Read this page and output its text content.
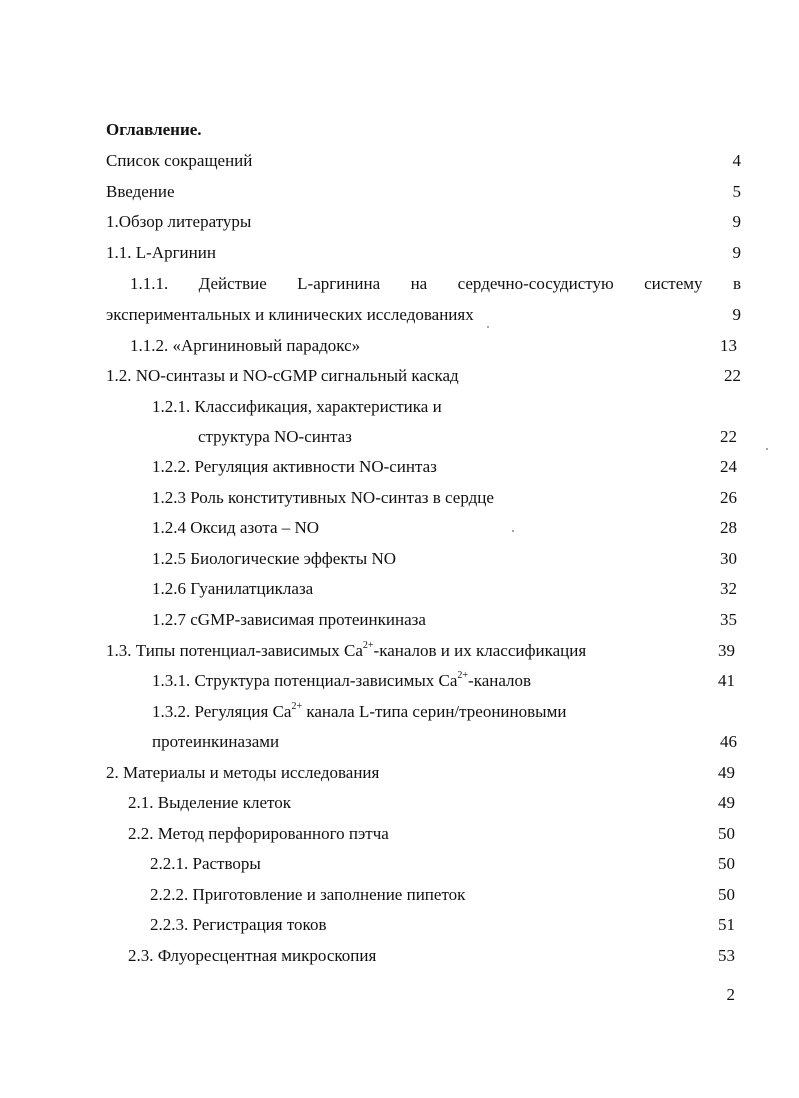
Оглавление.
Список сокращений	4
Введение	5
1.Обзор литературы	9
1.1. L-Аргинин	9
1.1.1. Действие L-аргинина на сердечно-сосудистую системy в
экспериментальных и клинических исследованиях	9
1.1.2. «Аргининовый парадокс»	13
1.2. NO-синтазы и NO-cGMP сигнальный каскад	22
1.2.1. Классификация, характеристика и
структура NO-синтаз	22
1.2.2. Регуляция активности NO-синтаз	24
1.2.3 Роль конститутивных NO-синтаз в сердце	26
1.2.4 Оксид азота – NO	28
1.2.5 Биологические эффекты NO	30
1.2.6 Гуанилатциклаза	32
1.2.7 cGMP-зависимая протеинкиназа	35
1.3. Типы потенциал-зависимых $Ca^{2+}$-каналов и их классификация	39
1.3.1. Структура потенциал-зависимых $Ca^{2+}$-каналов	41
1.3.2. Регуляция $Ca^{2+}$ канала L-типа серин/треониновыми
протеинкиназами	46
2. Материалы и методы исследования	49
2.1. Выделение клеток	49
2.2. Метод перфорированного пэтча	50
2.2.1. Растворы	50
2.2.2. Приготовление и заполнение пипеток	50
2.2.3. Регистрация токов	51
2.3. Флуоресцентная микроскопия	53
2
